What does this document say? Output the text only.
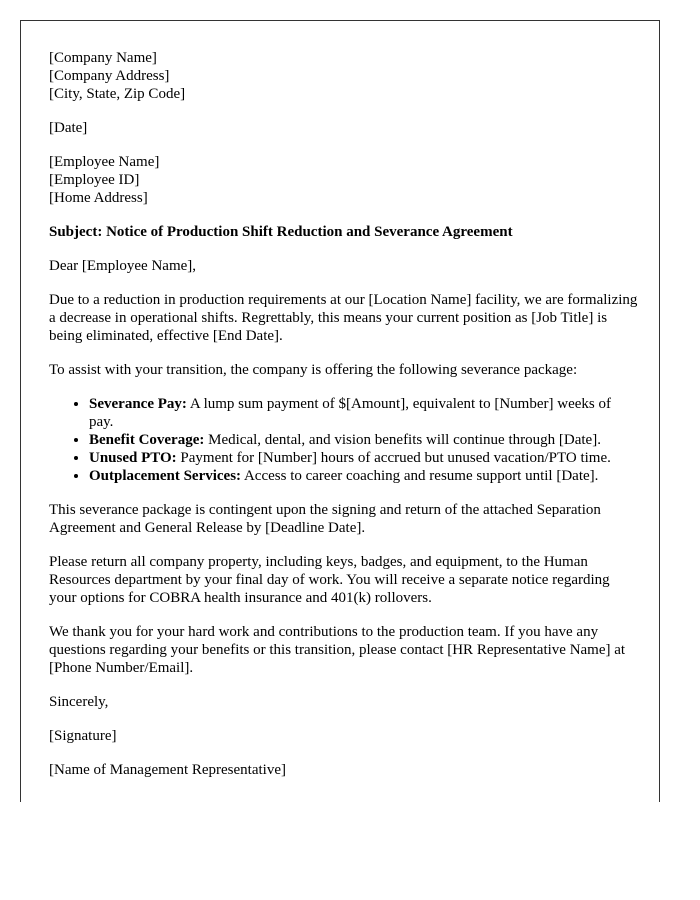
[Company Name]

[Company Address]

[City, State, Zip Code]

[Date]

[Employee Name]

[Employee ID]

[Home Address]

Subject: Notice of Production Shift Reduction and Severance Agreement

Dear [Employee Name],

Due to a reduction in production requirements at our [Location Name] facility, we are formalizing a decrease in operational shifts. Regrettably, this means your current position as [Job Title] is being eliminated, effective [End Date].

To assist with your transition, the company is offering the following severance package:

• Severance Pay: A lump sum payment of $[Amount], equivalent to [Number] weeks of pay.
• Benefit Coverage: Medical, dental, and vision benefits will continue through [Date].
• Unused PTO: Payment for [Number] hours of accrued but unused vacation/PTO time.
• Outplacement Services: Access to career coaching and resume support until [Date].

This severance package is contingent upon the signing and return of the attached Separation Agreement and General Release by [Deadline Date].

Please return all company property, including keys, badges, and equipment, to the Human Resources department by your final day of work. You will receive a separate notice regarding your options for COBRA health insurance and 401(k) rollovers.

We thank you for your hard work and contributions to the production team. If you have any questions regarding your benefits or this transition, please contact [HR Representative Name] at [Phone Number/Email].

Sincerely,

[Signature]

[Name of Management Representative]
